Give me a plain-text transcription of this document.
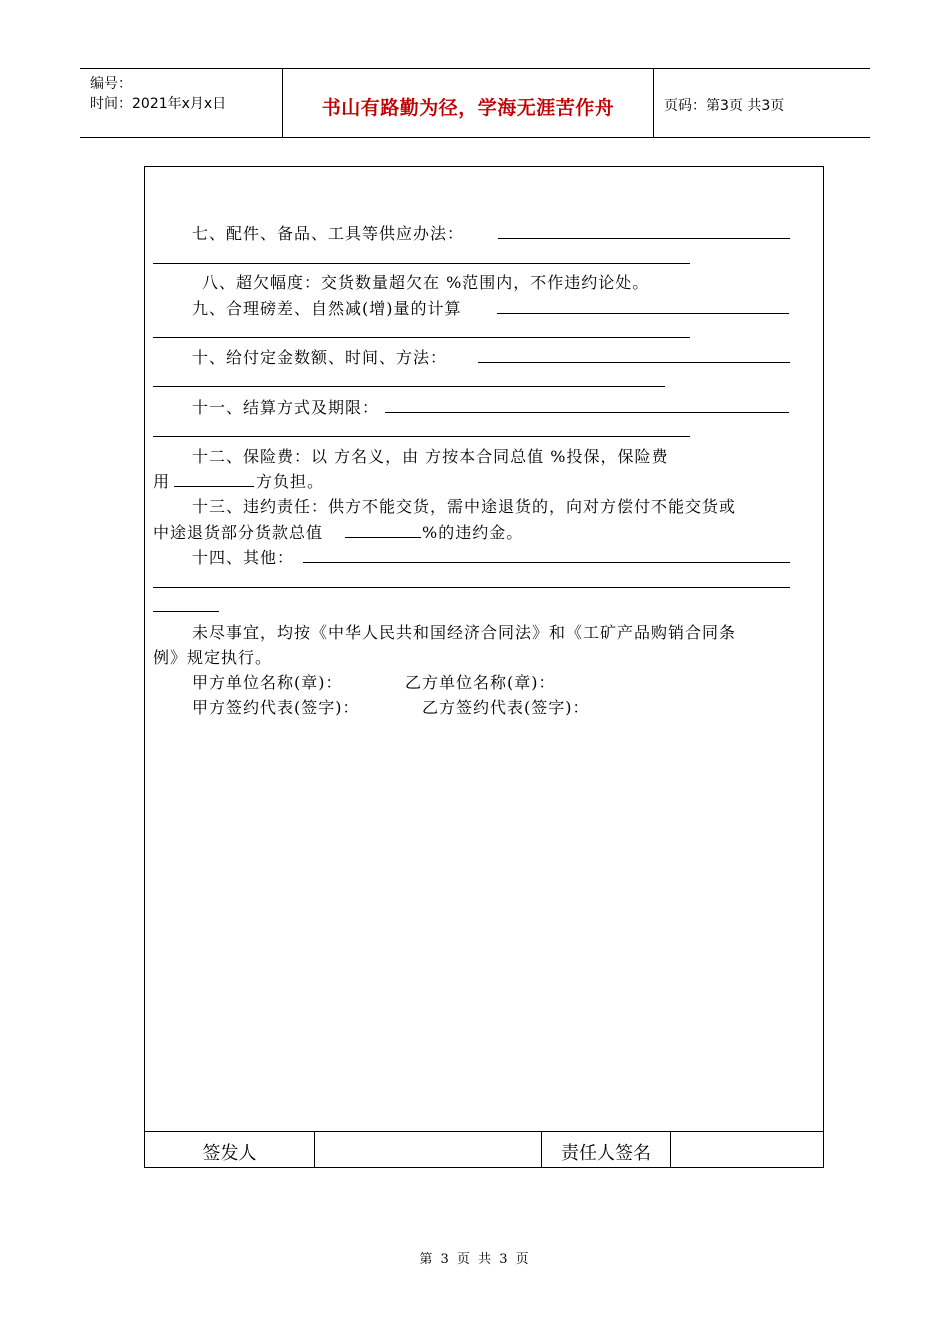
编号：
时间：2021年x月x日	书山有路勤为径，学海无涯苦作舟	页码：第3页 共3页
签发人	责任人签名
七、配件、备品、工具等供应办法：
八、超欠幅度：交货数量超欠在 %范围内，不作违约论处。
九、合理磅差、自然减(增)量的计算
十、给付定金数额、时间、方法：
十一、结算方式及期限：
十二、保险费：以 方名义，由 方按本合同总值 %投保，保险费
用	方负担。
十三、违约责任：供方不能交货，需中途退货的，向对方偿付不能交货或
中途退货部分货款总值	%的违约金。
十四、其他：
未尽事宜，均按《中华人民共和国经济合同法》和《工矿产品购销合同条
例》规定执行。
甲方单位名称(章)：	乙方单位名称(章)：
甲方签约代表(签字)：	乙方签约代表(签字)：
第 3 页 共 3 页
